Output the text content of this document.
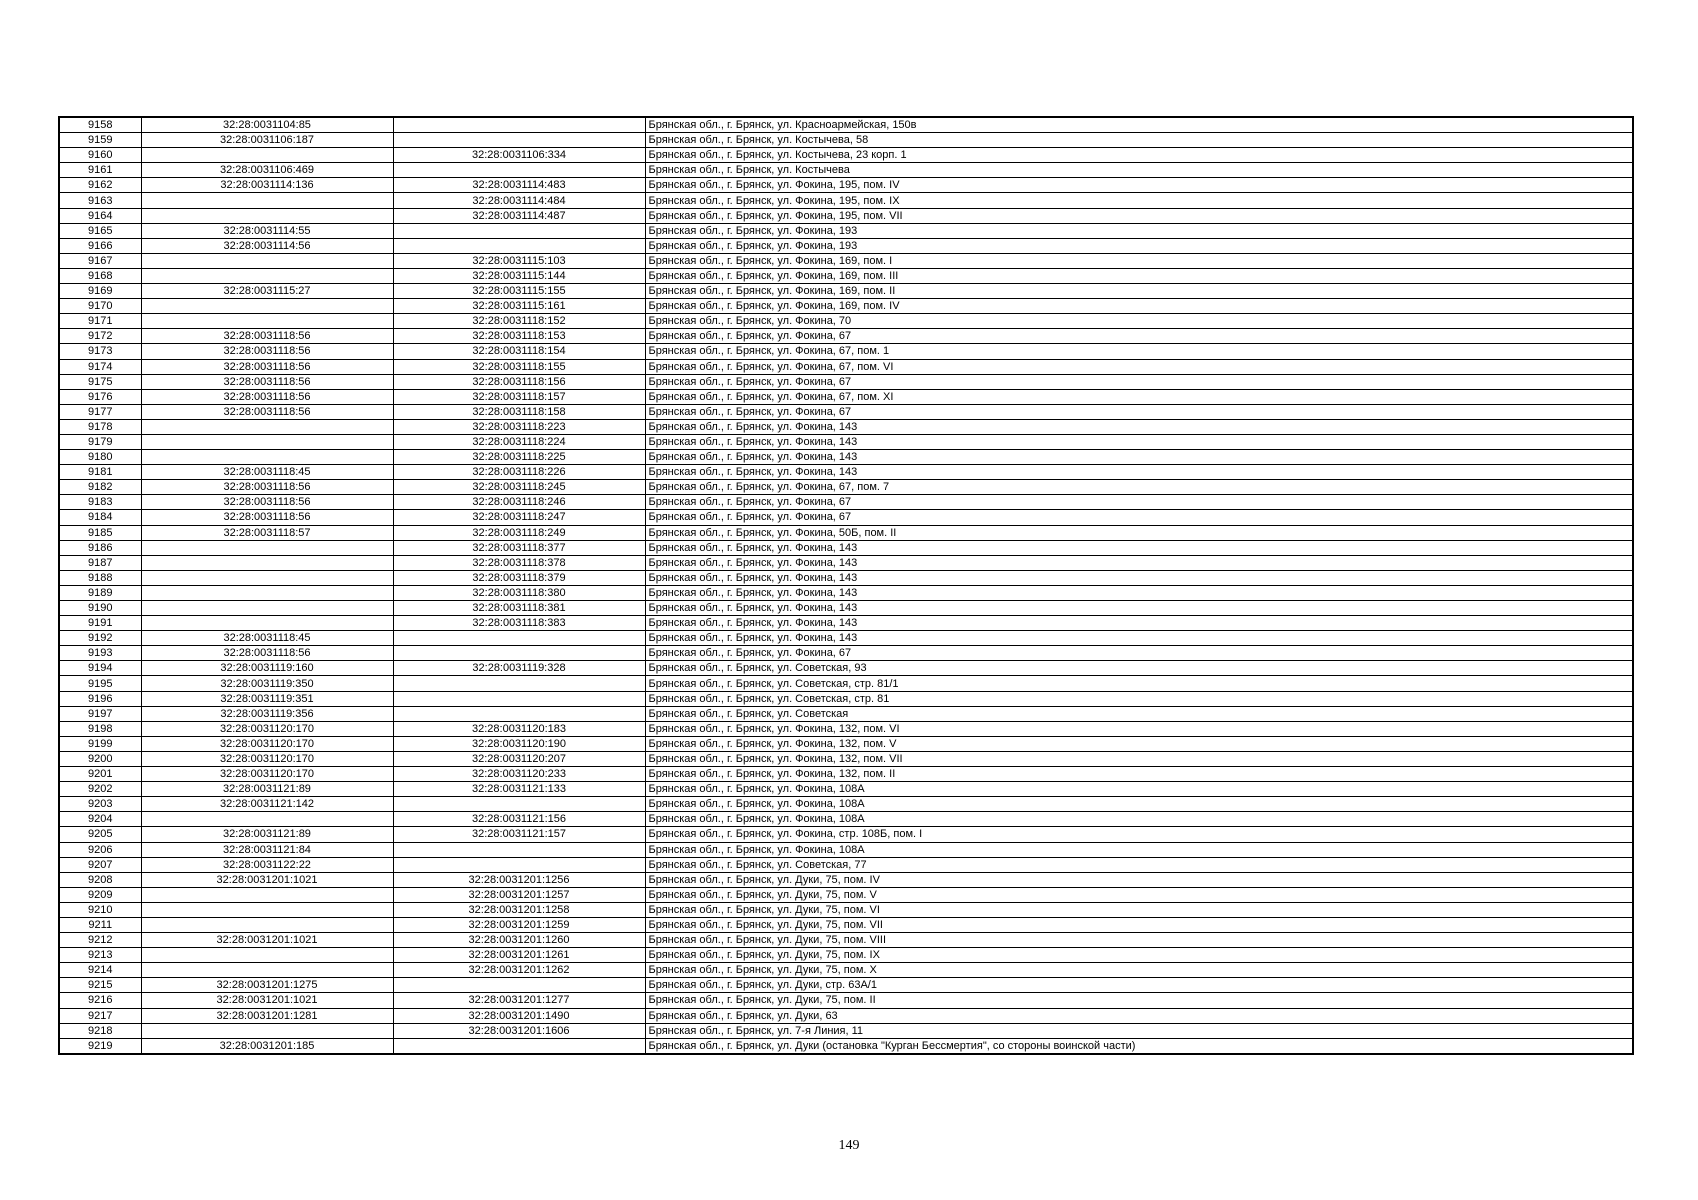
9158	32:28:0031104:85		Брянская обл., г. Брянск, ул. Красноармейская, 150в
9159	32:28:0031106:187		Брянская обл., г. Брянск, ул. Костычева, 58
9160		32:28:0031106:334	Брянская обл., г. Брянск, ул. Костычева, 23 корп. 1
9161	32:28:0031106:469		Брянская обл., г. Брянск, ул. Костычева
9162	32:28:0031114:136	32:28:0031114:483	Брянская обл., г. Брянск, ул. Фокина, 195, пом. IV
9163		32:28:0031114:484	Брянская обл., г. Брянск, ул. Фокина, 195, пом. IX
9164		32:28:0031114:487	Брянская обл., г. Брянск, ул. Фокина, 195, пом. VII
9165	32:28:0031114:55		Брянская обл., г. Брянск, ул. Фокина, 193
9166	32:28:0031114:56		Брянская обл., г. Брянск, ул. Фокина, 193
9167		32:28:0031115:103	Брянская обл., г. Брянск, ул. Фокина, 169, пом. I
9168		32:28:0031115:144	Брянская обл., г. Брянск, ул. Фокина, 169, пом. III
9169	32:28:0031115:27	32:28:0031115:155	Брянская обл., г. Брянск, ул. Фокина, 169, пом. II
9170		32:28:0031115:161	Брянская обл., г. Брянск, ул. Фокина, 169, пом. IV
9171		32:28:0031118:152	Брянская обл., г. Брянск, ул. Фокина, 70
9172	32:28:0031118:56	32:28:0031118:153	Брянская обл., г. Брянск, ул. Фокина, 67
9173	32:28:0031118:56	32:28:0031118:154	Брянская обл., г. Брянск, ул. Фокина, 67, пом. 1
9174	32:28:0031118:56	32:28:0031118:155	Брянская обл., г. Брянск, ул. Фокина, 67, пом. VI
9175	32:28:0031118:56	32:28:0031118:156	Брянская обл., г. Брянск, ул. Фокина, 67
9176	32:28:0031118:56	32:28:0031118:157	Брянская обл., г. Брянск, ул. Фокина, 67, пом. XI
9177	32:28:0031118:56	32:28:0031118:158	Брянская обл., г. Брянск, ул. Фокина, 67
9178		32:28:0031118:223	Брянская обл., г. Брянск, ул. Фокина, 143
9179		32:28:0031118:224	Брянская обл., г. Брянск, ул. Фокина, 143
9180		32:28:0031118:225	Брянская обл., г. Брянск, ул. Фокина, 143
9181	32:28:0031118:45	32:28:0031118:226	Брянская обл., г. Брянск, ул. Фокина, 143
9182	32:28:0031118:56	32:28:0031118:245	Брянская обл., г. Брянск, ул. Фокина, 67, пом. 7
9183	32:28:0031118:56	32:28:0031118:246	Брянская обл., г. Брянск, ул. Фокина, 67
9184	32:28:0031118:56	32:28:0031118:247	Брянская обл., г. Брянск, ул. Фокина, 67
9185	32:28:0031118:57	32:28:0031118:249	Брянская обл., г. Брянск, ул. Фокина, 50Б, пом. II
9186		32:28:0031118:377	Брянская обл., г. Брянск, ул. Фокина, 143
9187		32:28:0031118:378	Брянская обл., г. Брянск, ул. Фокина, 143
9188		32:28:0031118:379	Брянская обл., г. Брянск, ул. Фокина, 143
9189		32:28:0031118:380	Брянская обл., г. Брянск, ул. Фокина, 143
9190		32:28:0031118:381	Брянская обл., г. Брянск, ул. Фокина, 143
9191		32:28:0031118:383	Брянская обл., г. Брянск, ул. Фокина, 143
9192	32:28:0031118:45		Брянская обл., г. Брянск, ул. Фокина, 143
9193	32:28:0031118:56		Брянская обл., г. Брянск, ул. Фокина, 67
9194	32:28:0031119:160	32:28:0031119:328	Брянская обл., г. Брянск, ул. Советская, 93
9195	32:28:0031119:350		Брянская обл., г. Брянск, ул. Советская, стр. 81/1
9196	32:28:0031119:351		Брянская обл., г. Брянск, ул. Советская, стр. 81
9197	32:28:0031119:356		Брянская обл., г. Брянск, ул. Советская
9198	32:28:0031120:170	32:28:0031120:183	Брянская обл., г. Брянск, ул. Фокина, 132, пом. VI
9199	32:28:0031120:170	32:28:0031120:190	Брянская обл., г. Брянск, ул. Фокина, 132, пом. V
9200	32:28:0031120:170	32:28:0031120:207	Брянская обл., г. Брянск, ул. Фокина, 132, пом. VII
9201	32:28:0031120:170	32:28:0031120:233	Брянская обл., г. Брянск, ул. Фокина, 132, пом. II
9202	32:28:0031121:89	32:28:0031121:133	Брянская обл., г. Брянск, ул. Фокина, 108А
9203	32:28:0031121:142		Брянская обл., г. Брянск, ул. Фокина, 108А
9204		32:28:0031121:156	Брянская обл., г. Брянск, ул. Фокина, 108А
9205	32:28:0031121:89	32:28:0031121:157	Брянская обл., г. Брянск, ул. Фокина, стр. 108Б, пом. I
9206	32:28:0031121:84		Брянская обл., г. Брянск, ул. Фокина, 108А
9207	32:28:0031122:22		Брянская обл., г. Брянск, ул. Советская, 77
9208	32:28:0031201:1021	32:28:0031201:1256	Брянская обл., г. Брянск, ул. Дуки, 75, пом. IV
9209		32:28:0031201:1257	Брянская обл., г. Брянск, ул. Дуки, 75, пом. V
9210		32:28:0031201:1258	Брянская обл., г. Брянск, ул. Дуки, 75, пом. VI
9211		32:28:0031201:1259	Брянская обл., г. Брянск, ул. Дуки, 75, пом. VII
9212	32:28:0031201:1021	32:28:0031201:1260	Брянская обл., г. Брянск, ул. Дуки, 75, пом. VIII
9213		32:28:0031201:1261	Брянская обл., г. Брянск, ул. Дуки, 75, пом. IX
9214		32:28:0031201:1262	Брянская обл., г. Брянск, ул. Дуки, 75, пом. X
9215	32:28:0031201:1275		Брянская обл., г. Брянск, ул. Дуки, стр. 63А/1
9216	32:28:0031201:1021	32:28:0031201:1277	Брянская обл., г. Брянск, ул. Дуки, 75, пом. II
9217	32:28:0031201:1281	32:28:0031201:1490	Брянская обл., г. Брянск, ул. Дуки, 63
9218		32:28:0031201:1606	Брянская обл., г. Брянск, ул. 7-я Линия, 11
9219	32:28:0031201:185		Брянская обл., г. Брянск, ул. Дуки (остановка "Курган Бессмертия", со стороны воинской части)
149
